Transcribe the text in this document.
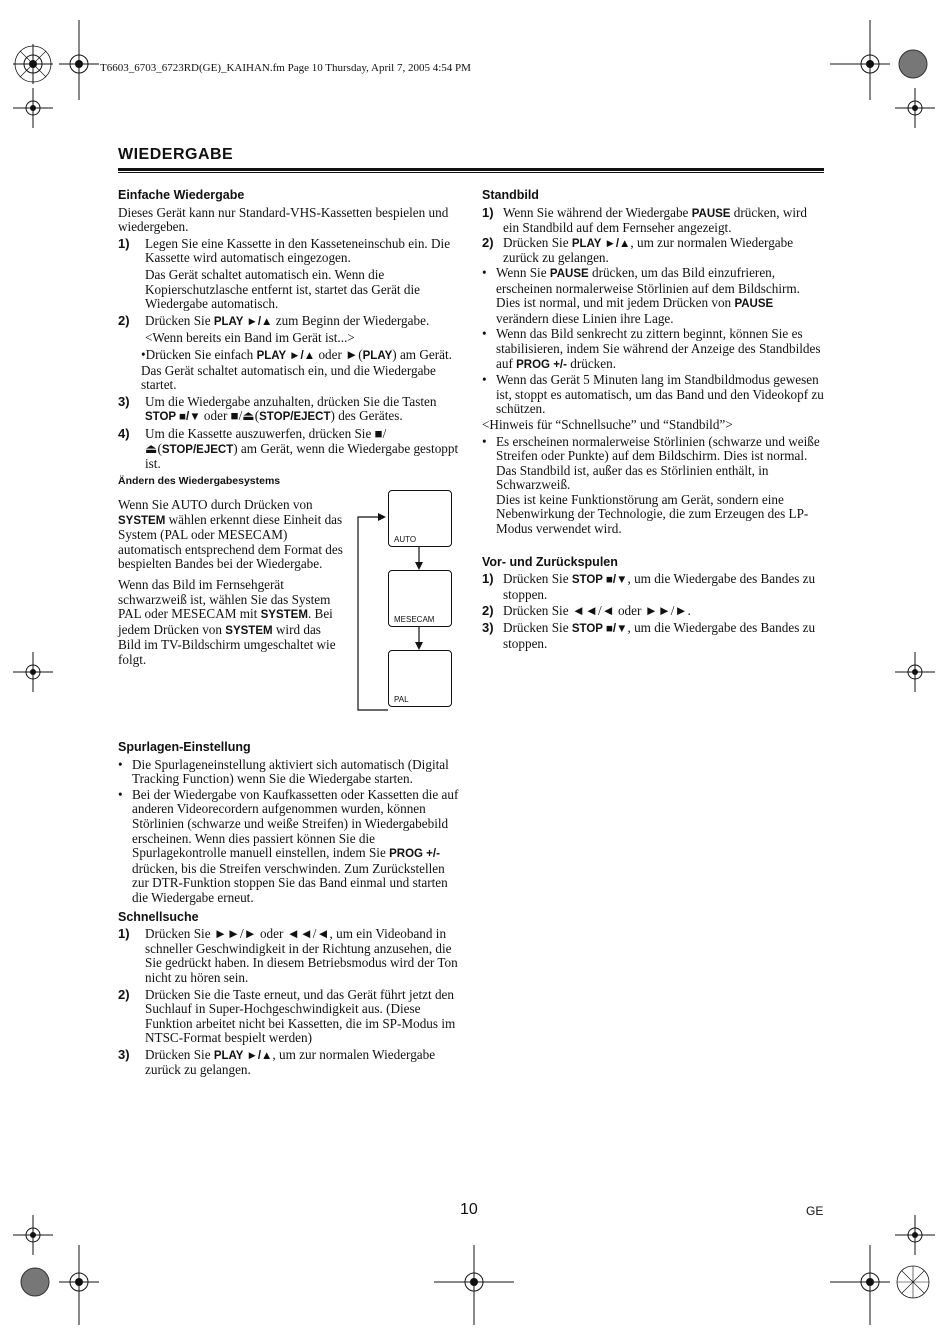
T6603_6703_6723RD(GE)_KAIHAN.fm Page 10 Thursday, April 7, 2005 4:54 PM
WIEDERGABE
Einfache Wiedergabe

Dieses Gerät kann nur Standard-VHS-Kassetten bespielen und wiedergeben.

1)	Legen Sie eine Kassette in den Kasseteneinschub ein. Die Kassette wird automatisch eingezogen.

Das Gerät schaltet automatisch ein. Wenn die Kopierschutzlasche entfernt ist, startet das Gerät die Wiedergabe automatisch.

2)	Drücken Sie PLAY ►/▲ zum Beginn der Wiedergabe.

<Wenn bereits ein Band im Gerät ist...>

•Drücken Sie einfach PLAY ►/▲ oder ►(PLAY) am Gerät. Das Gerät schaltet automatisch ein, und die Wiedergabe startet.

3)	Um die Wiedergabe anzuhalten, drücken Sie die Tasten STOP ■/▼ oder ■/⏏(STOP/EJECT) des Gerätes.
4)	Um die Kassette auszuwerfen, drücken Sie ■/⏏(STOP/EJECT) am Gerät, wenn die Wiedergabe gestoppt ist.
Ändern des Wiedergabesystems

Wenn Sie AUTO durch Drücken von SYSTEM wählen erkennt diese Einheit das System (PAL oder MESECAM) automatisch entsprechend dem Format des bespielten Bandes bei der Wiedergabe.

Wenn das Bild im Fernsehgerät schwarzweiß ist, wählen Sie das System PAL oder MESECAM mit SYSTEM. Bei jedem Drücken von SYSTEM wird das Bild im TV-Bildschirm umgeschaltet wie folgt.

AUTO
MESECAM
PAL
Spurlagen-Einstellung
• Die Spurlageneinstellung aktiviert sich automatisch (Digital Tracking Function) wenn Sie die Wiedergabe starten.
• Bei der Wiedergabe von Kaufkassetten oder Kassetten die auf anderen Videorecordern aufgenommen wurden, können Störlinien (schwarze und weiße Streifen) in Wiedergabebild erscheinen. Wenn dies passiert können Sie die Spurlagekontrolle manuell einstellen, indem Sie PROG +/- drücken, bis die Streifen verschwinden. Zum Zurückstellen zur DTR-Funktion stoppen Sie das Band einmal und starten die Wiedergabe erneut.
Schnellsuche
1)	Drücken Sie ►►/► oder ◄◄/◄, um ein Videoband in schneller Geschwindigkeit in der Richtung anzusehen, die Sie gedrückt haben. In diesem Betriebsmodus wird der Ton nicht zu hören sein.
2)	Drücken Sie die Taste erneut, und das Gerät führt jetzt den Suchlauf in Super-Hochgeschwindigkeit aus. (Diese Funktion arbeitet nicht bei Kassetten, die im SP-Modus im NTSC-Format bespielt werden)
3)	Drücken Sie PLAY ►/▲, um zur normalen Wiedergabe zurück zu gelangen.
Standbild
1) Wenn Sie während der Wiedergabe PAUSE drücken, wird ein Standbild auf dem Fernseher angezeigt.
2) Drücken Sie PLAY ►/▲, um zur normalen Wiedergabe zurück zu gelangen.
• Wenn Sie PAUSE drücken, um das Bild einzufrieren, erscheinen normalerweise Störlinien auf dem Bildschirm. Dies ist normal, und mit jedem Drücken von PAUSE verändern diese Linien ihre Lage.
• Wenn das Bild senkrecht zu zittern beginnt, können Sie es stabilisieren, indem Sie während der Anzeige des Standbildes auf PROG +/- drücken.
• Wenn das Gerät 5 Minuten lang im Standbildmodus gewesen ist, stoppt es automatisch, um das Band und den Videokopf zu schützen.

<Hinweis für “Schnellsuche” und “Standbild”>

• Es erscheinen normalerweise Störlinien (schwarze und weiße Streifen oder Punkte) auf dem Bildschirm. Dies ist normal.
Das Standbild ist, außer das es Störlinien enthält, in Schwarzweiß.
Dies ist keine Funktionstörung am Gerät, sondern eine Nebenwirkung der Technologie, die zum Erzeugen des LP-Modus verwendet wird.
Vor- und Zurückspulen
1) Drücken Sie STOP ■/▼, um die Wiedergabe des Bandes zu stoppen.
2) Drücken Sie ◄◄/◄ oder ►►/►.
3) Drücken Sie STOP ■/▼, um die Wiedergabe des Bandes zu stoppen.
10	GE
